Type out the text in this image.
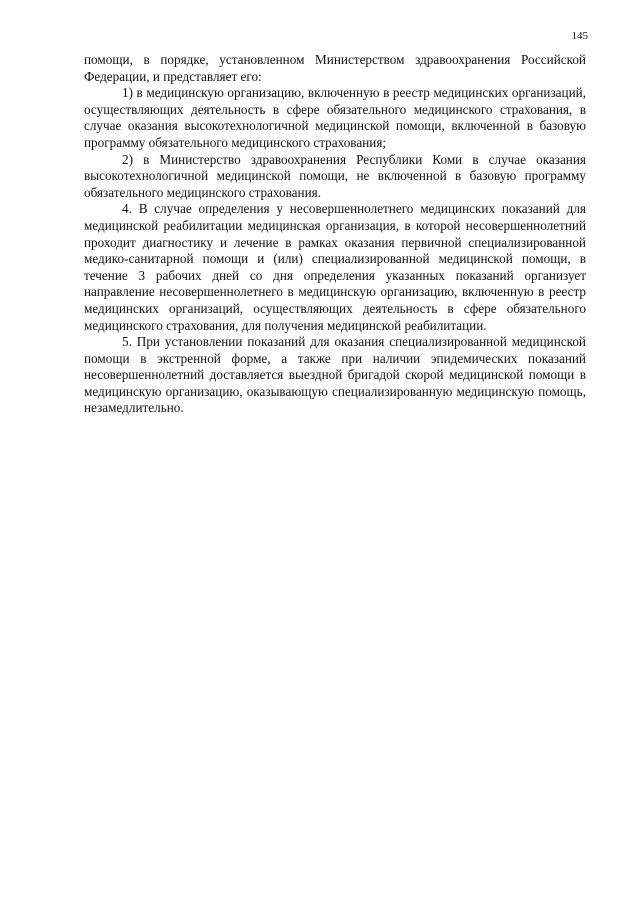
145

помощи, в порядке, установленном Министерством здравоохранения Российской Федерации, и представляет его:

1) в медицинскую организацию, включенную в реестр медицинских организаций, осуществляющих деятельность в сфере обязательного медицинского страхования, в случае оказания высокотехнологичной медицинской помощи, включенной в базовую программу обязательного медицинского страхования;

2) в Министерство здравоохранения Республики Коми в случае оказания высокотехнологичной медицинской помощи, не включенной в базовую программу обязательного медицинского страхования.

4. В случае определения у несовершеннолетнего медицинских показаний для медицинской реабилитации медицинская организация, в которой несовершеннолетний проходит диагностику и лечение в рамках оказания первичной специализированной медико-санитарной помощи и (или) специализированной медицинской помощи, в течение 3 рабочих дней со дня определения указанных показаний организует направление несовершеннолетнего в медицинскую организацию, включенную в реестр медицинских организаций, осуществляющих деятельность в сфере обязательного медицинского страхования, для получения медицинской реабилитации.

5. При установлении показаний для оказания специализированной медицинской помощи в экстренной форме, а также при наличии эпидемических показаний несовершеннолетний доставляется выездной бригадой скорой медицинской помощи в медицинскую организацию, оказывающую специализированную медицинскую помощь, незамедлительно.
